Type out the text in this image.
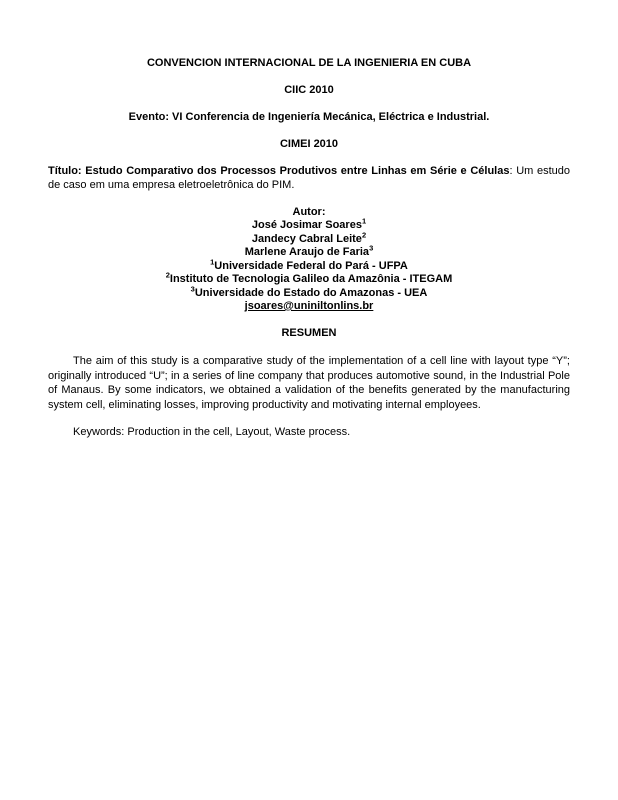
CONVENCION INTERNACIONAL DE LA INGENIERIA EN CUBA

CIIC 2010

Evento: VI Conferencia de Ingeniería Mecánica, Eléctrica e Industrial.

CIMEI 2010

Título: Estudo Comparativo dos Processos Produtivos entre Linhas em Série e Células: Um estudo de caso em uma empresa eletroeletrônica do PIM.

Autor:

José Josimar Soares$^1$

Jandecy Cabral Leite$^2$

Marlene Araujo de Faria$^3$

$^1$Universidade Federal do Pará - UFPA

$^2$Instituto de Tecnologia Galileo da Amazônia - ITEGAM

$^3$Universidade do Estado do Amazonas - UEA

jsoares@uniniltonlins.br

RESUMEN

The aim of this study is a comparative study of the implementation of a cell line with layout type “Y”; originally introduced “U”; in a series of line company that produces automotive sound, in the Industrial Pole of Manaus. By some indicators, we obtained a validation of the benefits generated by the manufacturing system cell, eliminating losses, improving productivity and motivating internal employees.

Keywords: Production in the cell, Layout, Waste process.
